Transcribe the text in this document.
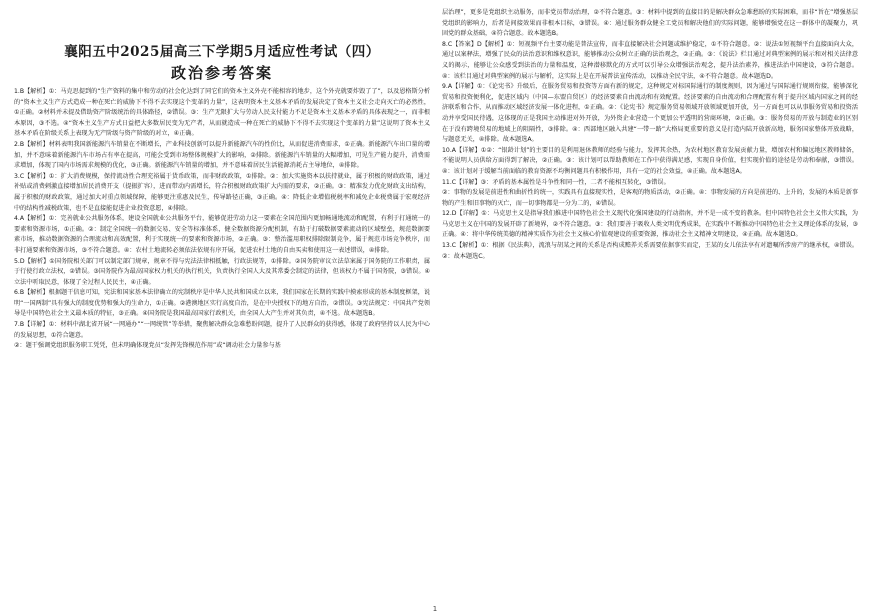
襄阳五中2025届高三下学期5月适应性考试（四）
政治参考答案

1.B【解析】①：马克思提到的“生产资料的集中和劳动的社会化达到了同它们的资本主义外壳不能相容的地步，这个外壳就要炸毁了了”，以及恩格斯分析的“资本主义生产方式造成一种在死亡的威胁下不得不去实现这个变革的力量”，这表明资本主义基本矛盾的发展决定了资本主义社会走向灭亡的必然性，①正确。②材料并未提及借助资产阶级统治的具体路径，②错误。③：生产无限扩大与劳动人民支付能力不足是资本主义基本矛盾的具体表现之一，而非根本原因，③不选。④“资本主义生产方式日益把大多数居民变为无产者，从而就造成一种在死亡的威胁下不得不去实现这个变革的力量”这说明了资本主义基本矛盾在阶级关系上表现为无产阶级与资产阶级的对立，④正确。

2.B【解析】材料表明我国新能源汽车销量在不断增长，产业科技创新可以提升新能源汽车的性价比，从而促进消费需求，①正确。新能源汽车出口量的增加，并不意味着新能源汽车市场占有率在提高，可能会受到市场整体规模扩大的影响，②排除。新能源汽车销量的大幅增加，可见生产能力提升，消费需求增加，体现了国内市场需求规模的优化，③正确。新能源汽车销量的增加，并不意味着居民生活能源消耗占主导地位，④排除。

3.C【解析】①：扩大消费规模，保持流动性合理充裕属于货币政策，而非财政政策，①排除。②：加大实施资本以扶持就业，属于积极的财政政策，通过补贴或消费刺激直接增加居民消费开支（提振扩容），进而带动内需增长，符合积极财政政策扩大内需的要求，②正确。③：精准发力优化财政支出结构，属于积极的财政政策，通过加大对重点领域保障，能够更注重惠及民生，传导路径正确，③正确。④：降低企业增值税税率和减免企业税费属于宏观经济中的结构性减税政策，也不是直接能促进企业投资意愿，④排除。

4.A【解析】①：完善就业公共服务体系，建设全国就业公共服务平台，能够促进劳动力这一要素在全国范围内更加畅通地流动和配置，有利于打通统一的要素和资源市场，①正确。②：制定全国统一的数据交易、安全等标准体系，健全数据资源分配机制，有助于打破数据要素流动的区域壁垒，规范数据要素市场，推动数据资源的合理流动和高效配置，利于实现统一的要素和资源市场，②正确。③：整治滥用职权排除限制竞争，属于规范市场竞争秩序，而非打通要素和资源市场，③不符合题意。④：农村土地流转必须依法依规有序开展，促进农村土地的自由买卖和使用这一表述错误，④排除。

5.D【解析】①国务院相关部门可以制定部门规章，规章不得与宪法法律相抵触，行政法规等，①排除。②国务院审议立法草案属于国务院的工作职责，属于行使行政立法权，②错误。③国务院作为最高国家权力机关的执行机关，负责执行全国人大及其常委会制定的法律，但该权力不属于国务院，③错误。④立法中听取民意，体现了全过程人民民主，④正确。

6.B【解析】根据题干信息可知，宪法和国家基本法律确立的宪制秩序是中华人民共和国成立以来，我们国家在长期的实践中摸索形成的基本制度框架，说明“一国两制”具有强大的制度优势和强大的生命力，①正确。②港澳地区实行高度自治，是在中央授权下的地方自治，②错误。③宪法规定：中国共产党领导是中国特色社会主义最本质的特征，③正确。④国务院是我国最高国家行政机关，由全国人大产生并对其负责，④不选。故本题选B。

7.B【详解】①：材料中湖北省开展“一网通办”“一网统管”等举措，聚焦解决群众急难愁盼问题，提升了人民群众的获得感，体现了政府坚持以人民为中心的发展思想，①符合题意。

②：题干强调党组织服务职工凭凭，但未明确体现党员“发挥先锋模范作用”或“调动社会力量参与基

层治理”，更多是党组织主动服务，而非党员带动治理，②不符合题意。③：材料中提到的直接目的是解决群众急难愁盼的实际困难，而非“旨在”增强基层党组织的影响力，后者是间接效果而非根本目标，③错误。④：通过服务群众健全工党员和解决他们的实际问题，能够增强党在这一群体中的凝聚力，巩固党的群众基础，④符合题意。故本题选B。

8.C【答案】D【解析】①：短视频平台主要功能是普法宣传，而非直接解决社会问题或维护稳定，①不符合题意。②：说法①短视频平台直接面向大众，通过以案释法，增强了民众的法治意识和维权意识，能够推动公众树立正确的法治观念，②正确。③：《说法》栏目通过对典型案例的展示和对相关法律意义的揭示，能够让公众感受到法治的力量和温度，这种潜移默化的方式可以引导公众增强法治观念，提升法治素养，推进法治中国建设，③符合题意。④：该栏目通过对典型案例的展示与解析，这实际上是在开展普法宣传活动，以推动全民守法，④不符合题意。故本题选D。

9.A【详解】①：《论宪书》升级后，在服务贸易和投资等方面有新的规定，这种规定对标国际通行的制度规则，因为通过与国际通行规则衔接，能够深化贸易和投资便利化，促进区域内（中国—东盟自贸区）的经济要素自由流动和有效配置。经济要素的自由流动和合理配置有利于提升区域内国家之间的经济联系和合作，从而推动区域经济发展一体化进程，①正确。②：《论宪书》规定服务贸易领域开放领域更加开放，另一方面也可以从事服务贸易和投资活动并享受国民待遇，这体现的正是我国主动推进对外开放，为外资企业营造一个更加公平透明的营商环境，②正确。③：服务贸易的开放与制造业的区别在于没有跨境贸易的地域上的阻隔性，③排除。④：西部地区融入共建“一带一路”大格局更重要的意义是打造内陆开放新高地，服务国家整体开放战略，与题意无关，④排除。故本题选A。

10.A【详解】①②：“银龄计划”的主要目的是利用退休教师的经验与能力，发挥其余热，为农村地区教育发展贡献力量，增加农村和偏远地区教师储备，不能说明人员供给方面得到了解决，②正确。③：该计划可以帮助教师在工作中获得满足感，实现自身价值，但实现价值的途径是劳动和奉献，③错误。④：该计划对于缓解当前面临的教育资源不均衡问题具有积极作用，具有一定的社会效益，④正确。故本题选A。

11.C【详解】③：矛盾的基本属性是斗争性和同一性，二者不能相互转化，③错误。

②：事物的发展是前进性和曲折性的统一，实践具有直接现实性，是客观的物质活动，②正确。④：事物发展的方向是前进的、上升的，发展的本质是新事物的产生和旧事物的灭亡，而一切事物都是一分为二的，④错误。

12.D【详解】①：马克思主义是指导我们推进中国特色社会主义现代化强国建设的行动指南，并不是一成不变的教条。但中国特色社会主义伟大实践，为马克思主义在中国的发展开辟了新境界，②不符合题意。③：我们要善于吸收人类文明优秀成果，在实践中不断推动中国特色社会主义理论体系的发展，③正确。④：将中华传统美德的精神实质作为社会主义核心价值观建设的重要资源，推动社会主义精神文明建设，④正确。故本题选D。

13.C【解析】①：根据《民法典》，流浪与胡某之间的关系是否构成赡养关系需要依据事实而定，王某的女儿依法享有对遗嘱所涉房产的继承权，④错误。②：故本题选C。

1
